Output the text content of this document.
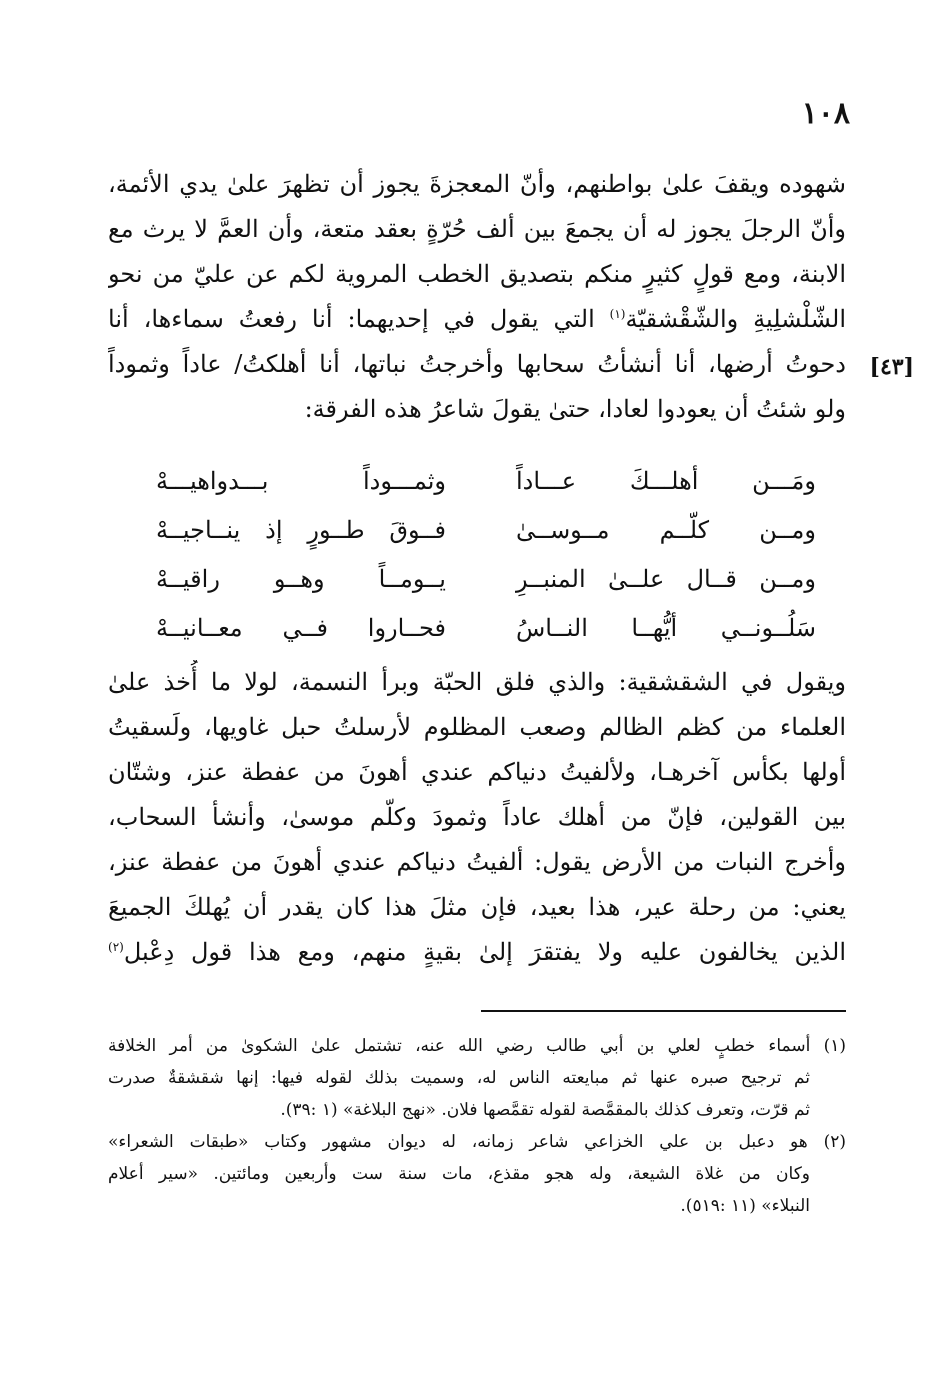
١٠٨
[٤٣]
شهوده ويقفَ علىٰ بواطنهم، وأنّ المعجزةَ يجوز أن تظهرَ علىٰ يدي الأئمة،
وأنّ الرجلَ يجوز له أن يجمعَ بين ألف حُرّةٍ بعقد متعة، وأن العمَّ لا يرث مع
الابنة، ومع قولٍ كثيرٍ منكم بتصديق الخطب المروية لكم عن عليّ من نحو
الشّلْشلِيةِ والشّقْشقيّة$^{(١)}$ التي يقول في إحديهما: أنا رفعتُ سماءها، أنا
دحوتُ أرضها، أنا أنشأتُ سحابها وأخرجتُ نباتها، أنا أهلكتُ/ عاداً وثموداً
ولو شئتُ أن يعودوا لعادا، حتىٰ يقولَ شاعرُ هذه الفرقة:
ومَـــن أهلـــكَ عـــاداً
وثمـــوداً بـــدواهيـــهْ
ومــن كلّــم مــوســىٰ
فــوقَ طــورٍ إذ ينــاجيــهْ
ومــن قــال علــىٰ المنبــرِ
يــومــاً وهــو راقيــهْ
سَلُــونــي أيُّهــا النــاسُ
فحــاروا فــي معــانيــهْ
ويقول في الشقشقية: والذي فلق الحبّة وبرأ النسمة، لولا ما أُخذ علىٰ
العلماء من كظم الظالم وصعب المظلوم لأرسلتُ حبل غاويها، ولَسقيتُ
أولها بكأس آخرهـا، ولألفيتُ دنياكم عندي أهونَ من عفطة عنز، وشتّان
بين القولين، فإنّ من أهلك عاداً وثمودَ وكلّم موسىٰ، وأنشأ السحاب،
وأخرج النبات من الأرض يقول: ألفيتُ دنياكم عندي أهونَ من عفطة عنز،
يعني: من رحلة عير، هذا بعيد، فإن مثلَ هذا كان يقدر أن يُهلكَ الجميعَ
الذين يخالفون عليه ولا يفتقرَ إلىٰ بقيةٍ منهم، ومع هذا قول دِعْبل$^{(٢)}$
(١) أسماء خطبٍ لعلي بن أبي طالب رضي الله عنه، تشتمل علىٰ الشكوىٰ من أمر الخلافة
ثم ترجيح صبره عنها ثم مبايعته الناس له، وسميت بذلك لقوله فيها: إنها شقشقةٌ صدرت
ثم قرّت، وتعرف كذلك بالمقمَّصة لقوله تقمَّصها فلان. «نهج البلاغة» (١ :٣٩).
(٢) هو دعبل بن علي الخزاعي شاعر زمانه، له ديوان مشهور وكتاب «طبقات الشعراء»
وكان من غلاة الشيعة، وله هجو مقذع، مات سنة ست وأربعين ومائتين. «سير أعلام
النبلاء» (١١ :٥١٩).
